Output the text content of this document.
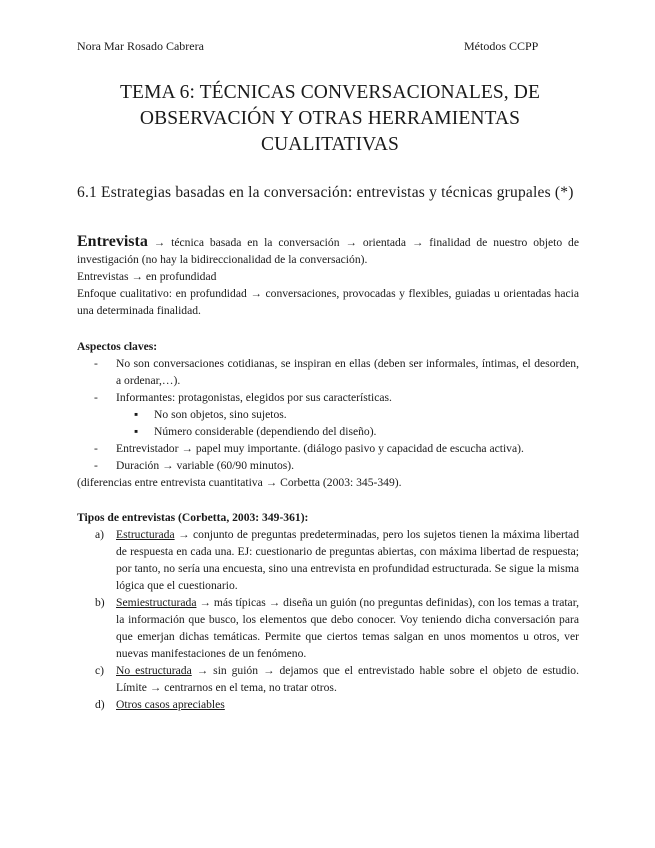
Nora Mar Rosado Cabrera	Métodos CCPP
TEMA 6: TÉCNICAS CONVERSACIONALES, DE OBSERVACIÓN Y OTRAS HERRAMIENTAS CUALITATIVAS
6.1 Estrategias basadas en la conversación: entrevistas y técnicas grupales (*)
Entrevista → técnica basada en la conversación → orientada → finalidad de nuestro objeto de investigación (no hay la bidireccionalidad de la conversación).
Entrevistas → en profundidad
Enfoque cualitativo: en profundidad → conversaciones, provocadas y flexibles, guiadas u orientadas hacia una determinada finalidad.
Aspectos claves:
- No son conversaciones cotidianas, se inspiran en ellas (deben ser informales, íntimas, el desorden, a ordenar,…).
- Informantes: protagonistas, elegidos por sus características.
▪ No son objetos, sino sujetos.
▪ Número considerable (dependiendo del diseño).
- Entrevistador → papel muy importante. (diálogo pasivo y capacidad de escucha activa).
- Duración → variable (60/90 minutos).
(diferencias entre entrevista cuantitativa → Corbetta (2003: 345-349).
Tipos de entrevistas (Corbetta, 2003: 349-361):
a) Estructurada → conjunto de preguntas predeterminadas, pero los sujetos tienen la máxima libertad de respuesta en cada una. EJ: cuestionario de preguntas abiertas, con máxima libertad de respuesta; por tanto, no sería una encuesta, sino una entrevista en profundidad estructurada. Se sigue la misma lógica que el cuestionario.
b) Semiestructurada → más típicas → diseña un guión (no preguntas definidas), con los temas a tratar, la información que busco, los elementos que debo conocer. Voy teniendo dicha conversación para que emerjan dichas temáticas. Permite que ciertos temas salgan en unos momentos u otros, ver nuevas manifestaciones de un fenómeno.
c) No estructurada → sin guión → dejamos que el entrevistado hable sobre el objeto de estudio. Límite → centrarnos en el tema, no tratar otros.
d) Otros casos apreciables
